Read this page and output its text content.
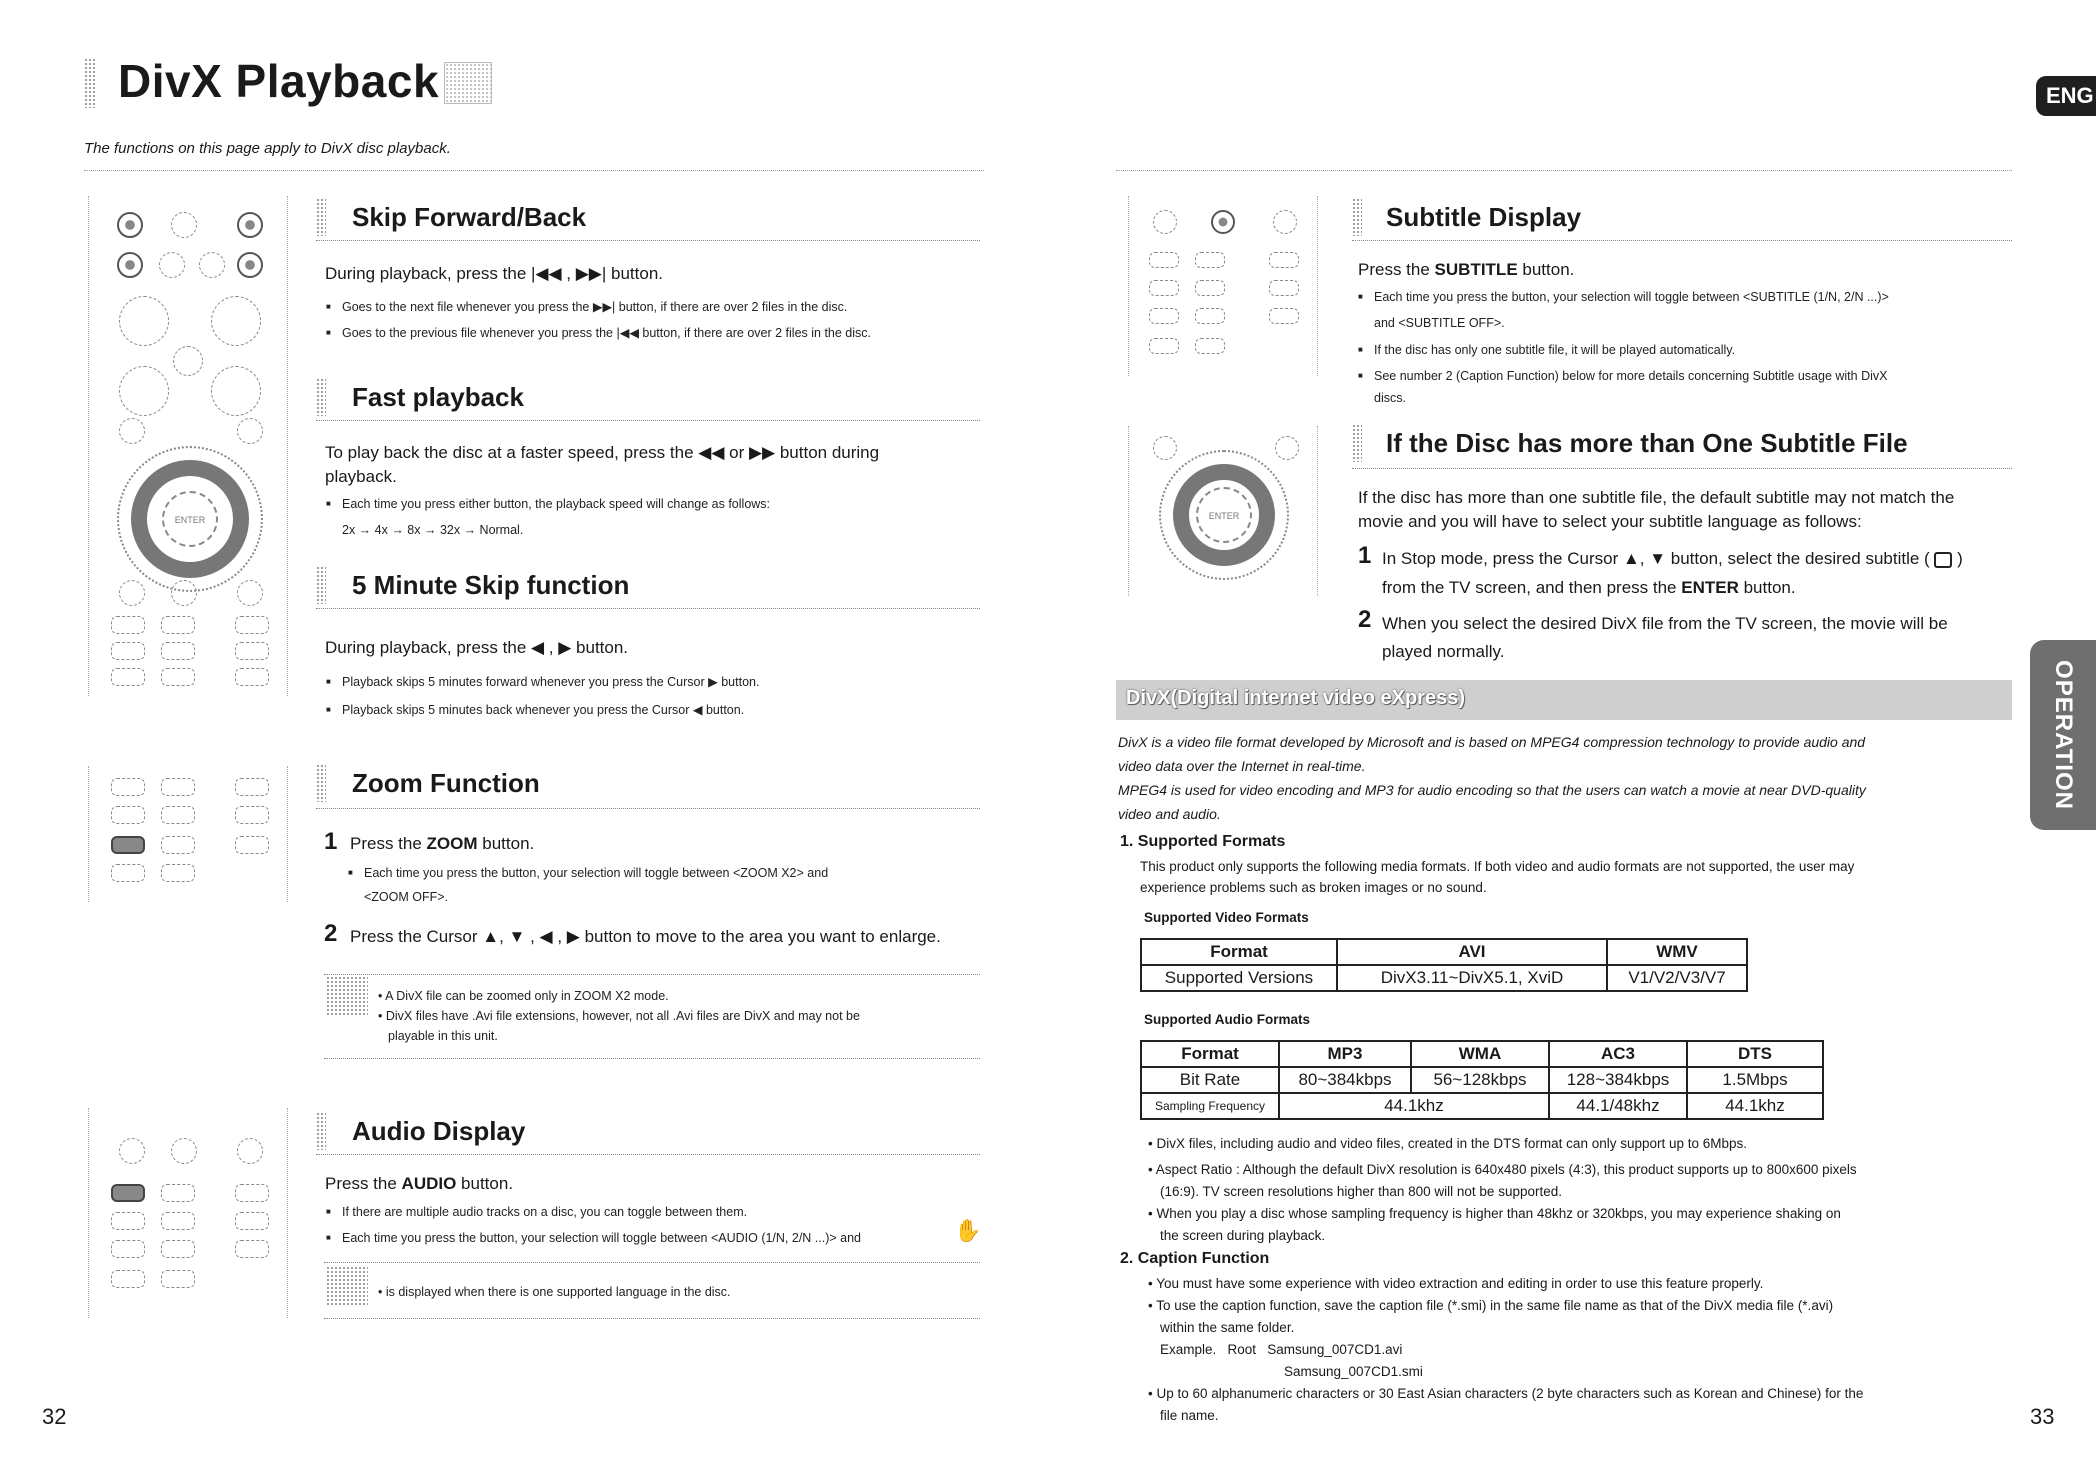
DivX Playback
The functions on this page apply to DivX disc playback.
ENG
OPERATION
ENTER
Skip Forward/Back
During playback, press the |◀◀ , ▶▶| button.
■ Goes to the next file whenever you press the ▶▶| button, if there are over 2 files in the disc.
■ Goes to the previous file whenever you press the |◀◀ button, if there are over 2 files in the disc.
Fast playback
To play back the disc at a faster speed, press the ◀◀ or ▶▶ button during
playback.
■ Each time you press either button, the playback speed will change as follows:
2x → 4x → 8x → 32x → Normal.
5 Minute Skip function
During playback, press the ◀ , ▶ button.
■ Playback skips 5 minutes forward whenever you press the Cursor ▶ button.
■ Playback skips 5 minutes back whenever you press the Cursor ◀ button.
Zoom Function
1 Press the ZOOM button.
■ Each time you press the button, your selection will toggle between <ZOOM X2> and
<ZOOM OFF>.
2 Press the Cursor ▲, ▼ , ◀ , ▶ button to move to the area you want to enlarge.
• A DivX file can be zoomed only in ZOOM X2 mode.
• DivX files have .Avi file extensions, however, not all .Avi files are DivX and may not be
playable in this unit.
Audio Display
Press the AUDIO button.
■ If there are multiple audio tracks on a disc, you can toggle between them.
■ Each time you press the button, your selection will toggle between <AUDIO (1/N, 2/N ...)> and	✋
• is displayed when there is one supported language in the disc.
ENTER
Subtitle Display
Press the SUBTITLE button.
■ Each time you press the button, your selection will toggle between <SUBTITLE (1/N, 2/N ...)>
and <SUBTITLE OFF>.
■ If the disc has only one subtitle file, it will be played automatically.
■ See number 2 (Caption Function) below for more details concerning Subtitle usage with DivX
discs.
If the Disc has more than One Subtitle File
If the disc has more than one subtitle file, the default subtitle may not match the
movie and you will have to select your subtitle language as follows:
1 In Stop mode, press the Cursor ▲, ▼ button, select the desired subtitle ( )
from the TV screen, and then press the ENTER button.
2 When you select the desired DivX file from the TV screen, the movie will be
played normally.
DivX(Digital internet video eXpress)
DivX is a video file format developed by Microsoft and is based on MPEG4 compression technology to provide audio and
video data over the Internet in real-time.
MPEG4 is used for video encoding and MP3 for audio encoding so that the users can watch a movie at near DVD-quality
video and audio.
1. Supported Formats
This product only supports the following media formats. If both video and audio formats are not supported, the user may
experience problems such as broken images or no sound.
Supported Video Formats
Format	AVI	WMV
Supported Versions	DivX3.11~DivX5.1, XviD	V1/V2/V3/V7
Supported Audio Formats
Format	MP3	WMA	AC3	DTS
Bit Rate	80~384kbps	56~128kbps	128~384kbps	1.5Mbps
Sampling Frequency	44.1khz		44.1/48khz	44.1khz
• DivX files, including audio and video files, created in the DTS format can only support up to 6Mbps.
• Aspect Ratio : Although the default DivX resolution is 640x480 pixels (4:3), this product supports up to 800x600 pixels
(16:9). TV screen resolutions higher than 800 will not be supported.
• When you play a disc whose sampling frequency is higher than 48khz or 320kbps, you may experience shaking on
the screen during playback.
2. Caption Function
• You must have some experience with video extraction and editing in order to use this feature properly.
• To use the caption function, save the caption file (*.smi) in the same file name as that of the DivX media file (*.avi)
within the same folder.
Example.   Root   Samsung_007CD1.avi
Samsung_007CD1.smi
• Up to 60 alphanumeric characters or 30 East Asian characters (2 byte characters such as Korean and Chinese) for the
file name.
32	33
